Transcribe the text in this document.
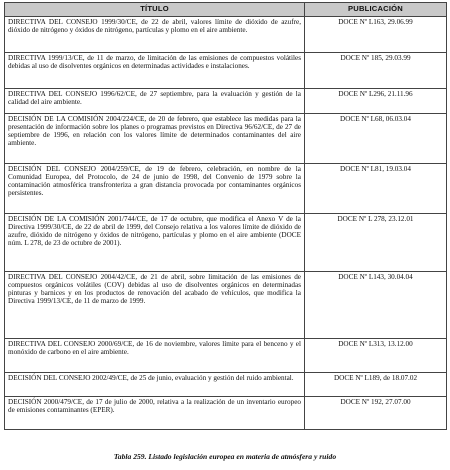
TÍTULO	PUBLICACIÓN
DIRECTIVA DEL CONSEJO 1999/30/CE, de 22 de abril, valores límite de dióxido de azufre, dióxido de nitrógeno y óxidos de nitrógeno, partículas y plomo en el aire ambiente.	DOCE Nº L163, 29.06.99
DIRECTIVA 1999/13/CE, de 11 de marzo, de limitación de las emisiones de compuestos volátiles debidas al uso de disolventes orgánicos en determinadas actividades e instalaciones.	DOCE Nº 185, 29.03.99
DIRECTIVA DEL CONSEJO 1996/62/CE, de 27 septiembre, para la evaluación y gestión de la calidad del aire ambiente.	DOCE Nº L296, 21.11.96
DECISIÓN DE LA COMISIÓN 2004/224/CE, de 20 de febrero, que establece las medidas para la presentación de información sobre los planes o programas previstos en Directiva 96/62/CE, de 27 de septiembre de 1996, en relación con los valores límite de determinados contaminantes del aire ambiente.	DOCE Nº L68, 06.03.04
DECISIÓN DEL CONSEJO 2004/259/CE, de 19 de febrero, celebración, en nombre de la Comunidad Europea, del Protocolo, de 24 de junio de 1998, del Convenio de 1979 sobre la contaminación atmosférica transfronteriza a gran distancia provocada por contaminantes orgánicos persistentes.	DOCE Nº L81, 19.03.04
DECISIÓN DE LA COMISIÓN 2001/744/CE, de 17 de octubre, que modifica el Anexo V de la Directiva 1999/30/CE, de 22 de abril de 1999, del Consejo relativa a los valores límite de dióxido de azufre, dióxido de nitrógeno y óxidos de nitrógeno, partículas y plomo en el aire ambiente (DOCE núm. L 278, de 23 de octubre de 2001).	DOCE Nº L 278, 23.12.01
DIRECTIVA DEL CONSEJO 2004/42/CE, de 21 de abril, sobre limitación de las emisiones de compuestos orgánicos volátiles (COV) debidas al uso de disolventes orgánicos en determinadas pinturas y barnices y en los productos de renovación del acabado de vehículos, que modifica la Directiva 1999/13/CE, de 11 de marzo de 1999.	DOCE Nº L143, 30.04.04
DIRECTIVA DEL CONSEJO 2000/69/CE, de 16 de noviembre, valores límite para el benceno y el monóxido de carbono en el aire ambiente.	DOCE Nº L313, 13.12.00
DECISIÓN DEL CONSEJO 2002/49/CE, de 25 de junio, evaluación y gestión del ruido ambiental.	DOCE Nº L189, de 18.07.02
DECISIÓN 2000/479/CE, de 17 de julio de 2000, relativa a la realización de un inventario europeo de emisiones contaminantes (EPER).	DOCE Nº 192, 27.07.00
Tabla 259. Listado legislación europea en materia de atmósfera y ruido
